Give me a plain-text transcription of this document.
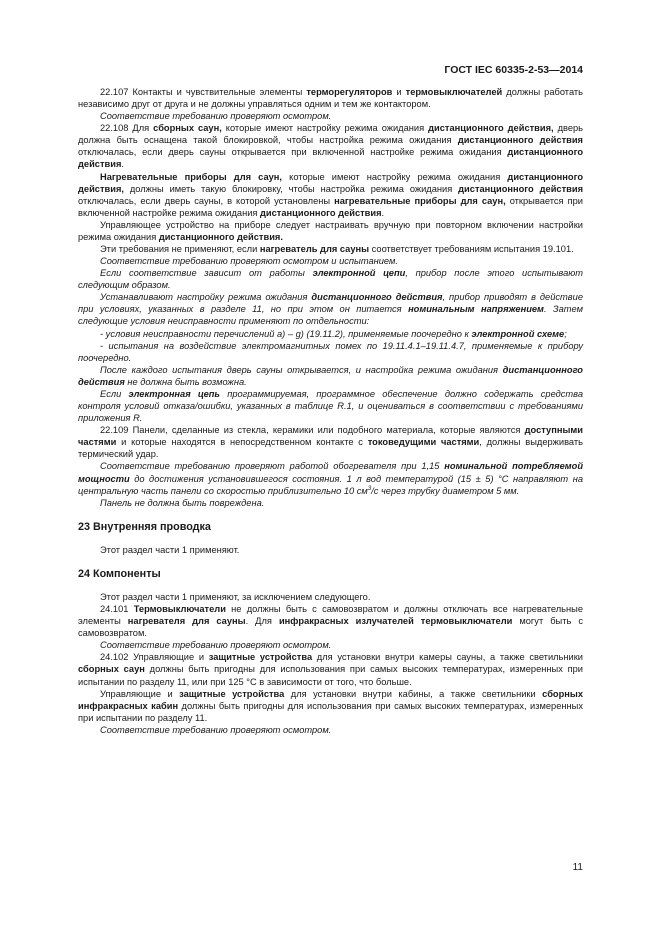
ГОСТ IEC 60335-2-53—2014

22.107 Контакты и чувствительные элементы терморегуляторов и термовыключателей должны работать независимо друг от друга и не должны управляться одним и тем же контактором.

Соответствие требованию проверяют осмотром.

22.108 Для сборных саун, которые имеют настройку режима ожидания дистанционного действия, дверь должна быть оснащена такой блокировкой, чтобы настройка режима ожидания дистанционного действия отключалась, если дверь сауны открывается при включенной настройке режима ожидания дистанционного действия.

Нагревательные приборы для саун, которые имеют настройку режима ожидания дистанционного действия, должны иметь такую блокировку, чтобы настройка режима ожидания дистанционного действия отключалась, если дверь сауны, в которой установлены нагревательные приборы для саун, открывается при включенной настройке режима ожидания дистанционного действия.

Управляющее устройство на приборе следует настраивать вручную при повторном включении настройки режима ожидания дистанционного действия.

Эти требования не применяют, если нагреватель для сауны соответствует требованиям испытания 19.101.

Соответствие требованию проверяют осмотром и испытанием.

Если соответствие зависит от работы электронной цепи, прибор после этого испытывают следующим образом.

Устанавливают настройку режима ожидания дистанционного действия, прибор приводят в действие при условиях, указанных в разделе 11, но при этом он питается номинальным напряжением. Затем следующие условия неисправности применяют по отдельности:

- условия неисправности перечислений a) – g) (19.11.2), применяемые поочередно к электронной схеме;

- испытания на воздействие электромагнитных помех по 19.11.4.1–19.11.4.7, применяемые к прибору поочередно.

После каждого испытания дверь сауны открывается, и настройка режима ожидания дистанционного действия не должна быть возможна.

Если электронная цепь программируемая, программное обеспечение должно содержать средства контроля условий отказа/ошибки, указанных в таблице R.1, и оцениваться в соответствии с требованиями приложения R.

22.109 Панели, сделанные из стекла, керамики или подобного материала, которые являются доступными частями и которые находятся в непосредственном контакте с токоведущими частями, должны выдерживать термический удар.

Соответствие требованию проверяют работой обогревателя при 1,15 номинальной потребляемой мощности до достижения установившегося состояния. 1 л вод температурой (15 ± 5) °С направляют на центральную часть панели со скоростью приблизительно 10 $см^3/с$ через трубку диаметром 5 мм.

Панель не должна быть повреждена.

23 Внутренняя проводка

Этот раздел части 1 применяют.

24 Компоненты

Этот раздел части 1 применяют, за исключением следующего.

24.101 Термовыключатели не должны быть с самовозвратом и должны отключать все нагревательные элементы нагревателя для сауны. Для инфракрасных излучателей термовыключатели могут быть с самовозвратом.

Соответствие требованию проверяют осмотром.

24.102 Управляющие и защитные устройства для установки внутри камеры сауны, а также светильники сборных саун должны быть пригодны для использования при самых высоких температурах, измеренных при испытании по разделу 11, или при 125 °С в зависимости от того, что больше.

Управляющие и защитные устройства для установки внутри кабины, а также светильники сборных инфракрасных кабин должны быть пригодны для использования при самых высоких температурах, измеренных при испытании по разделу 11.

Соответствие требованию проверяют осмотром.

11
